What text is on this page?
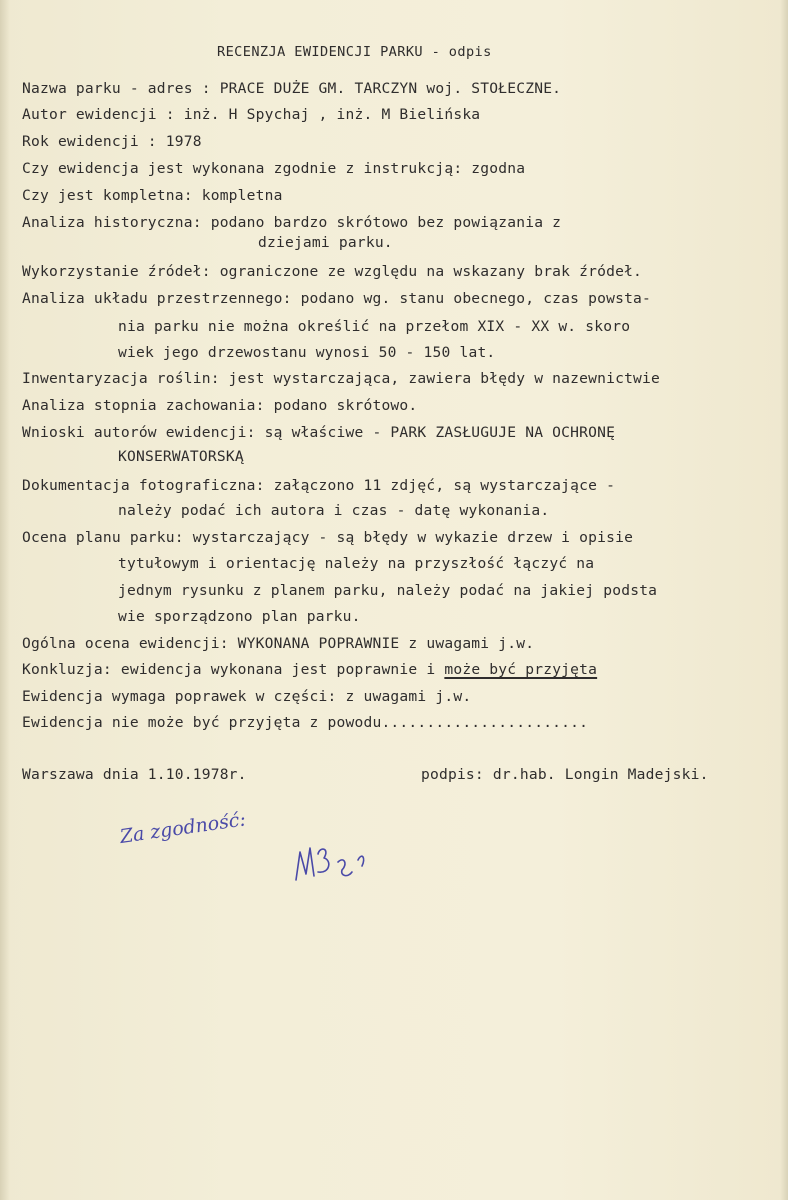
RECENZJA EWIDENCJI PARKU - odpis
Nazwa parku - adres : PRACE DUŻE GM. TARCZYN woj. STOŁECZNE.
Autor ewidencji : inż. H Spychaj , inż. M Bielińska
Rok ewidencji : 1978
Czy ewidencja jest wykonana zgodnie z instrukcją: zgodna
Czy jest kompletna: kompletna
Analiza historyczna: podano bardzo skrótowo bez powiązania z
dziejami parku.
Wykorzystanie źródeł: ograniczone ze względu na wskazany brak źródeł.
Analiza układu przestrzennego: podano wg. stanu obecnego, czas powsta-
nia parku nie można określić na przełom XIX - XX w. skoro
wiek jego drzewostanu wynosi 50 - 150 lat.
Inwentaryzacja roślin: jest wystarczająca, zawiera błędy w nazewnictwie
Analiza stopnia zachowania: podano skrótowo.
Wnioski autorów ewidencji: są właściwe - PARK ZASŁUGUJE NA OCHRONĘ
KONSERWATORSKĄ
Dokumentacja fotograficzna: załączono 11 zdjęć, są wystarczające -
należy podać ich autora i czas - datę wykonania.
Ocena planu parku: wystarczający - są błędy w wykazie drzew i opisie
tytułowym i orientację należy na przyszłość łączyć na
jednym rysunku z planem parku, należy podać na jakiej podsta
wie sporządzono plan parku.
Ogólna ocena ewidencji: WYKONANA POPRAWNIE z uwagami j.w.
Konkluzja: ewidencja wykonana jest poprawnie i może być przyjęta
Ewidencja wymaga poprawek w części: z uwagami j.w.
Ewidencja nie może być przyjęta z powodu.......................
Warszawa dnia 1.10.1978r.	podpis: dr.hab. Longin Madejski.
Za zgodność:
